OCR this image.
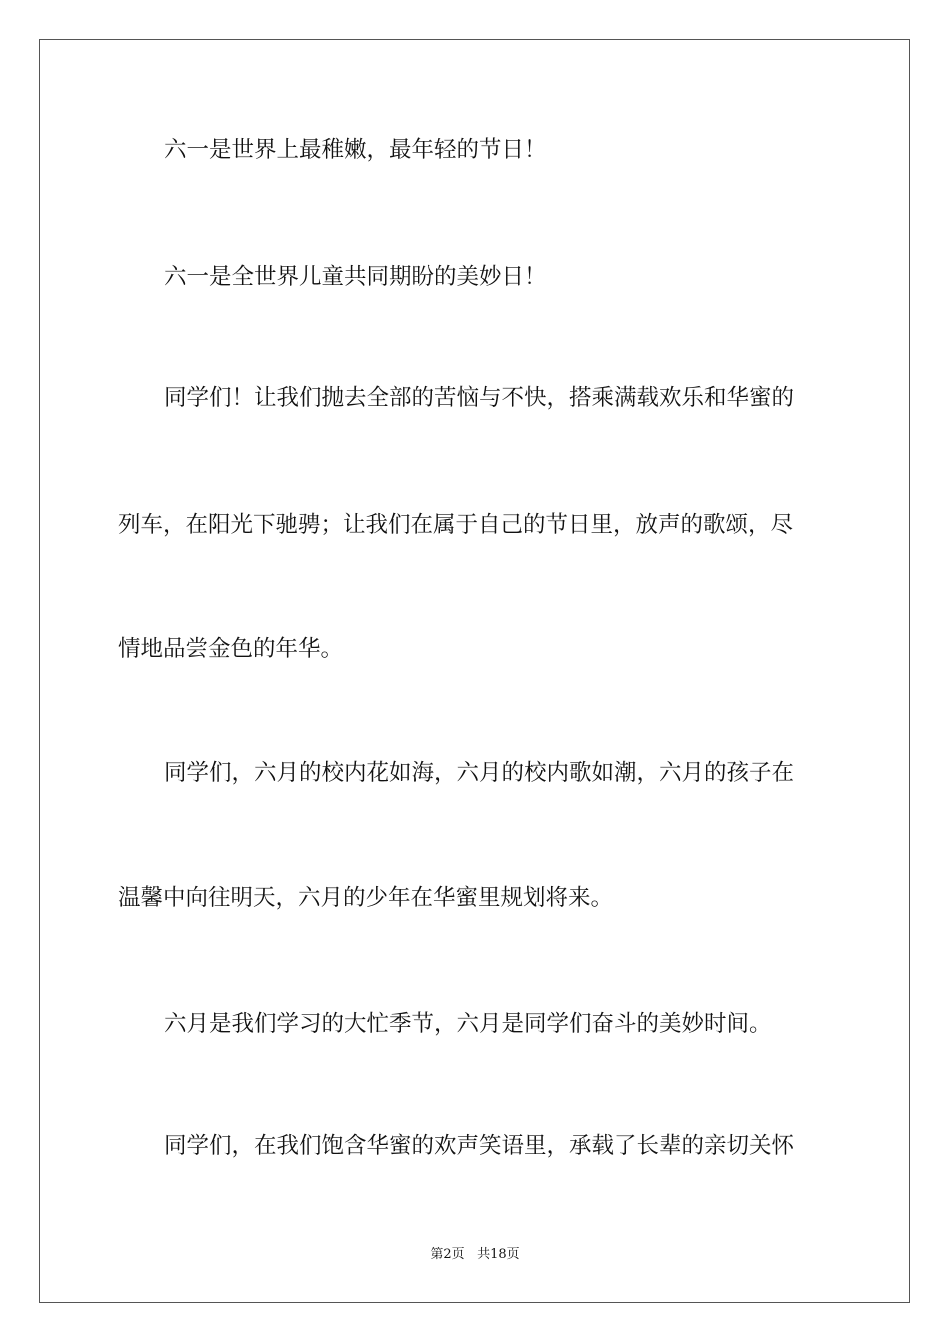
六一是世界上最稚嫩，最年轻的节日！

六一是全世界儿童共同期盼的美妙日！

同学们！让我们抛去全部的苦恼与不快，搭乘满载欢乐和华蜜的

列车，在阳光下驰骋；让我们在属于自己的节日里，放声的歌颂，尽

情地品尝金色的年华。

同学们，六月的校内花如海，六月的校内歌如潮，六月的孩子在

温馨中向往明天，六月的少年在华蜜里规划将来。

六月是我们学习的大忙季节，六月是同学们奋斗的美妙时间。

同学们，在我们饱含华蜜的欢声笑语里，承载了长辈的亲切关怀

第2页 共18页
